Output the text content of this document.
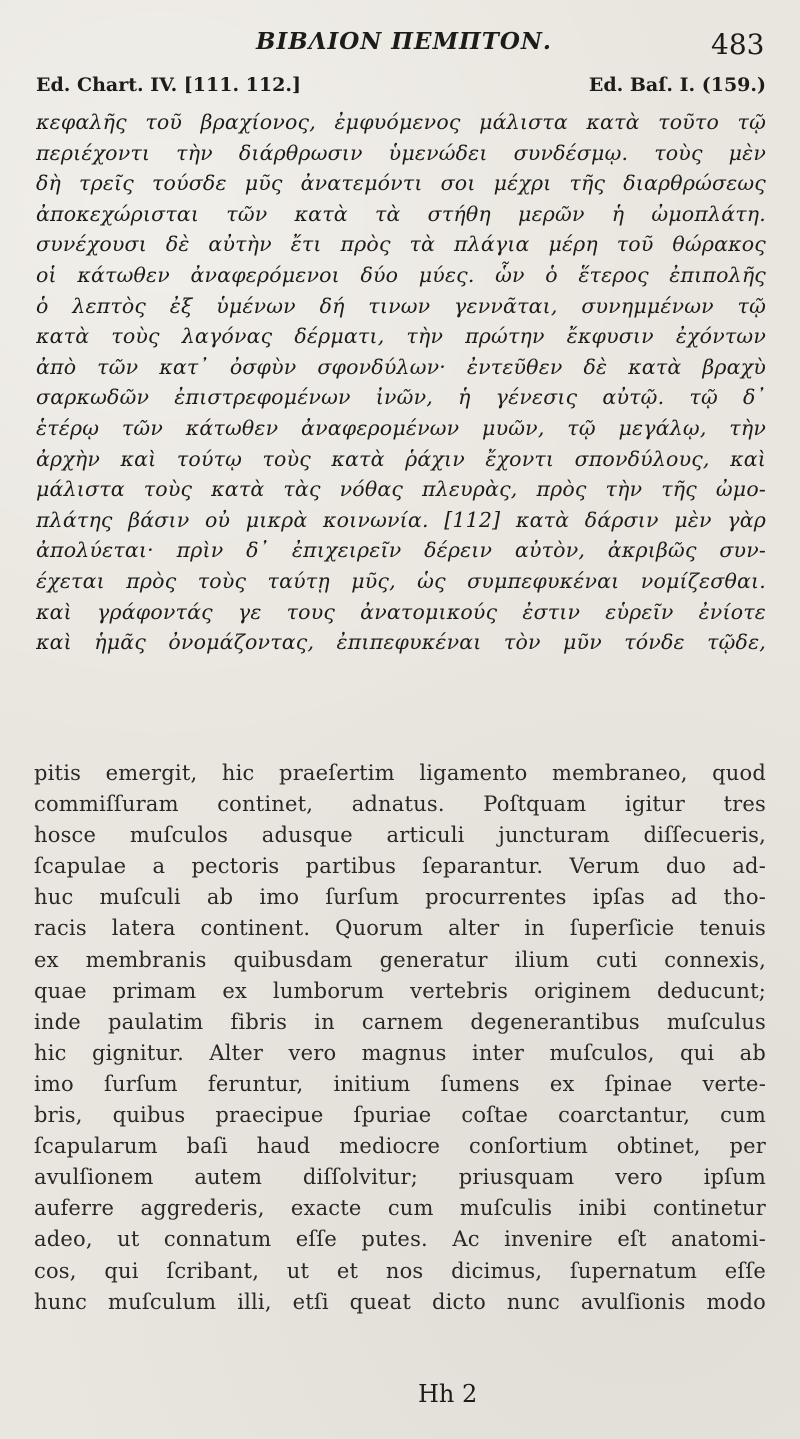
ΒΙΒΛΙΟΝ ΠΕΜΠΤΟΝ.	483
Ed. Chart. IV. [111. 112.]	Ed. Baſ. I. (159.)
κεφαλῆς τοῦ βραχίονος, ἐμφυόμενος μάλιστα κατὰ τοῦτο τῷ
περιέχοντι τὴν διάρθρωσιν ὑμενώδει συνδέσμῳ. τοὺς μὲν
δὴ τρεῖς τούσδε μῦς ἀνατεμόντι σοι μέχρι τῆς διαρθρώσεως
ἀποκεχώρισται τῶν κατὰ τὰ στήθη μερῶν ἡ ὠμοπλάτη.
συνέχουσι δὲ αὐτὴν ἔτι πρὸς τὰ πλάγια μέρη τοῦ θώρακος
οἱ κάτωθεν ἀναφερόμενοι δύο μύες. ὧν ὁ ἕτερος ἐπιπολῆς
ὁ λεπτὸς ἐξ ὑμένων δή τινων γεννᾶται, συνημμένων τῷ
κατὰ τοὺς λαγόνας δέρματι, τὴν πρώτην ἔκφυσιν ἐχόντων
ἀπὸ τῶν κατ᾽ ὀσφὺν σφονδύλων· ἐντεῦθεν δὲ κατὰ βραχὺ
σαρκωδῶν ἐπιστρεφομένων ἰνῶν, ἡ γένεσις αὐτῷ. τῷ δ᾽
ἑτέρῳ τῶν κάτωθεν ἀναφερομένων μυῶν, τῷ μεγάλῳ, τὴν
ἀρχὴν καὶ τούτῳ τοὺς κατὰ ῥάχιν ἔχοντι σπονδύλους, καὶ
μάλιστα τοὺς κατὰ τὰς νόθας πλευρὰς, πρὸς τὴν τῆς ὠμο-
πλάτης βάσιν οὐ μικρὰ κοινωνία. [112] κατὰ δάρσιν μὲν γὰρ
ἀπολύεται· πρὶν δ᾽ ἐπιχειρεῖν δέρειν αὐτὸν, ἀκριβῶς συν-
έχεται πρὸς τοὺς ταύτῃ μῦς, ὡς συμπεφυκέναι νομίζεσθαι.
καὶ γράφοντάς γε τους ἀνατομικούς ἐστιν εὑρεῖν ἐνίοτε
καὶ ἡμᾶς ὀνομάζοντας, ἐπιπεφυκέναι τὸν μῦν τόνδε τῷδε,
pitis emergit, hic praeſertim ligamento membraneo, quod
commiſſuram continet, adnatus. Poſtquam igitur tres
hosce muſculos adusque articuli juncturam diſſecueris,
ſcapulae a pectoris partibus ſeparantur. Verum duo ad-
huc muſculi ab imo ſurſum procurrentes ipſas ad tho-
racis latera continent. Quorum alter in ſuperſicie tenuis
ex membranis quibusdam generatur ilium cuti connexis,
quae primam ex lumborum vertebris originem deducunt;
inde paulatim fibris in carnem degenerantibus muſculus
hic gignitur. Alter vero magnus inter muſculos, qui ab
imo ſurſum feruntur, initium ſumens ex ſpinae verte-
bris, quibus praecipue ſpuriae coſtae coarctantur, cum
ſcapularum baſi haud mediocre conſortium obtinet, per
avulſionem autem diſſolvitur; priusquam vero ipſum
auferre aggrederis, exacte cum muſculis inibi continetur
adeo, ut connatum eſſe putes. Ac invenire eſt anatomi-
cos, qui ſcribant, ut et nos dicimus, ſupernatum eſſe
hunc muſculum illi, etſi queat dicto nunc avulſionis modo
Hh 2
